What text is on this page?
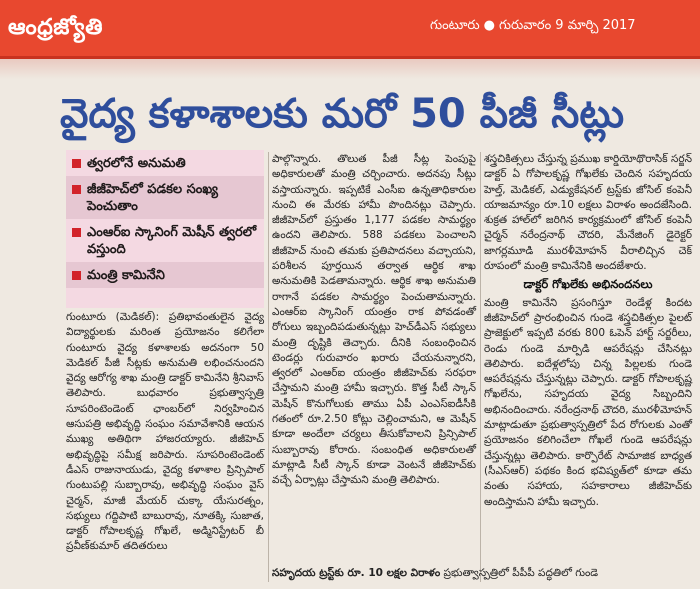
ఆంధ్రజ్యోతి	గుంటూరు ● గురువారం 9 మార్చి 2017
వైద్య కళాశాలకు మరో 50 పీజీ సీట్లు
త్వరలోనే అనుమతి
జీజీహెచ్‌లో పడకల సంఖ్య పెంచుతాం
ఎంఆర్‌ఐ స్కానింగ్ మెషీన్ త్వరలో వస్తుంది
మంత్రి కామినేని

గుంటూరు (మెడికల్): ప్రతిభావంతులైన వైద్య విద్యార్థులకు మరింత ప్రయోజనం కలిగేలా గుంటూరు వైద్య కళాశాలకు అదనంగా 50 మెడికల్ పీజీ సీట్లకు అనుమతి లభించనుందని వైద్య ఆరోగ్య శాఖ మంత్రి డాక్టర్ కామినేని శ్రీనివాస్ తెలిపారు. బుధవారం ప్రభుత్వాస్పత్రి సూపరింటెండెంట్ ఛాంబర్‌లో నిర్వహించిన ఆసుపత్రి అభివృద్ధి సంఘం సమావేశానికి ఆయన ముఖ్య అతిథిగా హాజరయ్యారు. జీజీహెచ్ అభివృద్ధిపై సమీక్ష జరిపారు. సూపరింటెండెంట్ డీఎస్ రాజునాయుడు, వైద్య కళాశాల ప్రిన్సిపాల్ గుంటుపల్లి సుబ్బారావు, అభివృద్ధి సంఘం వైస్ చైర్మన్, మాజీ మేయర్ చుక్కా యేసురత్నం, సభ్యులు గద్దిపాటి బాబురావు, నూతక్కి సుజాత, డాక్టర్ గోపాలకృష్ణ గోఖలే, అడ్మినిస్ట్రేటర్ బీ ప్రవీణ్‌కుమార్ తదితరులు

పాల్గొన్నారు. తొలుత పీజీ సీట్ల పెంపుపై అధికారులతో మంత్రి చర్చించారు. అదనపు సీట్లు వస్తాయన్నారు. ఇప్పటికే ఎంసీఐ ఉన్నతాధికారుల నుంచి ఈ మేరకు హామీ పొందినట్లు చెప్పారు. జీజీహెచ్‌లో ప్రస్తుతం 1,177 పడకల సామర్థ్యం ఉందని తెలిపారు. 588 పడకలు పెంచాలని జీజీహెచ్ నుంచి తమకు ప్రతిపాదనలు వచ్చాయని, పరిశీలన పూర్తయిన తర్వాత ఆర్థిక శాఖ అనుమతికి పెడతామన్నారు. ఆర్థిక శాఖ అనుమతి రాగానే పడకల సామర్థ్యం పెంచుతామన్నారు. ఎంఆర్ఐ స్కానింగ్ యంత్రం రాక పోవడంతో రోగులు ఇబ్బందిపడుతున్నట్లు హెచ్‌డీఎస్ సభ్యులు మంత్రి దృష్టికి తెచ్చారు. దీనికి సంబంధించిన టెండర్లు గురువారం ఖరారు చేయనున్నారని, త్వరలో ఎంఆర్ఐ యంత్రం జీజీహెచ్‌కు సరఫరా చేస్తామని మంత్రి హామీ ఇచ్చారు. కొత్త సీటీ స్కాన్ మెషీన్ కొనుగోలుకు తాము ఏపీ ఎంఎస్ఐడీసీకి గతంలో రూ.2.50 కోట్లు చెల్లించామని, ఆ మెషీన్ కూడా అందేలా చర్యలు తీసుకోవాలని ప్రిన్సిపాల్ సుబ్బారావు కోరారు. సంబంధిత అధికారులతో మాట్లాడి సీటీ స్కాన్ కూడా వెంటనే జీజీహెచ్‌కు వచ్చే ఏర్పాట్లు చేస్తామని మంత్రి తెలిపారు.

సహృదయ ట్రస్ట్‌కు రూ. 10 లక్షల విరాళం ప్రభుత్వాస్పత్రిలో పీపీపీ పద్ధతిలో గుండె

శస్త్రచికిత్సలు చేస్తున్న ప్రముఖ కార్డియోథొరాసిక్ సర్జన్ డాక్టర్ ఏ గోపాలకృష్ణ గోఖలేకు చెందిన సహృదయ హెల్త్, మెడికల్, ఎడ్యుకేషనల్ ట్రస్ట్‌కు జోసిల్ కంపెనీ యాజమాన్యం రూ.10 లక్షలు విరాళం అందజేసింది. శుక్రత హాల్‌లో జరిగిన కార్యక్రమంలో జోసిల్ కంపెనీ చైర్మన్ నరేంద్రనాథ్ చౌదరి, మేనేజింగ్ డైరెక్టర్ జాగర్లమూడి మురళీమోహన్ వీరాలిచ్చిన చెక్ రూపంలో మంత్రి కామినేనికి అందజేశారు.

డాక్టర్ గోఖలేకు అభినందనలు

మంత్రి కామినేని ప్రసంగిస్తూ రెండేళ్ల కిందట జీజీహెచ్‌లో ప్రారంభించిన గుండె శస్త్రచికిత్సల పైలట్ ప్రాజెక్టులో ఇప్పటి వరకు 800 ఓపెన్ హార్ట్ సర్జరీలు, రెండు గుండె మార్పిడి ఆపరేషన్లు చేసినట్లు తెలిపారు. ఐదేళ్లలోపు చిన్న పిల్లలకు గుండె ఆపరేషన్లను చేస్తున్నట్లు చెప్పారు. డాక్టర్ గోపాలకృష్ణ గోఖలేను, సహృదయ వైద్య సిబ్బందిని అభినందించారు. నరేంద్రనాథ్ చౌదరి, మురళీమోహన్ మాట్లాడుతూ ప్రభుత్వాస్పత్రిలో పేద రోగులకు ఎంతో ప్రయోజనం కలిగించేలా గోఖలే గుండె ఆపరేషన్లు చేస్తున్నట్లు తెలిపారు. కార్పొరేట్ సామాజిక బాధ్యత (సీఎస్ఆర్) పథకం కింద భవిష్యత్‌లో కూడా తమ వంతు సహాయ, సహకారాలు జీజీహెచ్‌కు అందిస్తామని హామీ ఇచ్చారు.
